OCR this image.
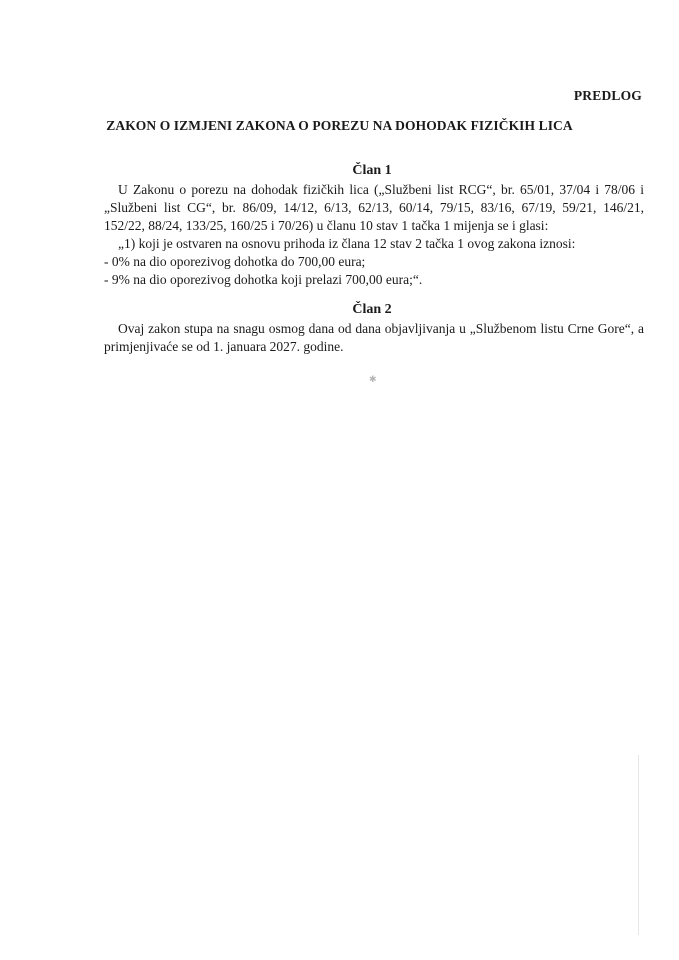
PREDLOG
ZAKON O IZMJENI ZAKONA O POREZU NA DOHODAK FIZIČKIH LICA
Član 1

U Zakonu o porezu na dohodak fizičkih lica („Službeni list RCG“, br. 65/01, 37/04 i 78/06 i „Službeni list CG“, br. 86/09, 14/12, 6/13, 62/13, 60/14, 79/15, 83/16, 67/19, 59/21, 146/21, 152/22, 88/24, 133/25, 160/25 i 70/26) u članu 10 stav 1 tačka 1 mijenja se i glasi:

„1) koji je ostvaren na osnovu prihoda iz člana 12 stav 2 tačka 1 ovog zakona iznosi:

- 0% na dio oporezivog dohotka do 700,00 eura;

- 9% na dio oporezivog dohotka koji prelazi 700,00 eura;“.

Član 2

Ovaj zakon stupa na snagu osmog dana od dana objavljivanja u „Službenom listu Crne Gore“, a primjenjivaće se od 1. januara 2027. godine.

✱
